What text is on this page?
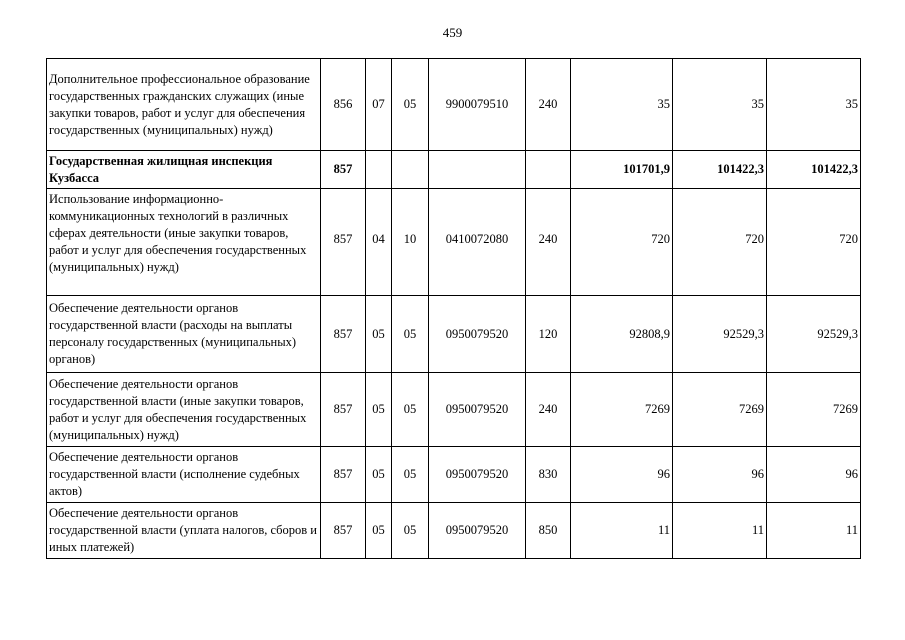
459
Дополнительное профессиональное образование государственных гражданских служащих (иные закупки товаров, работ и услуг для обеспечения государственных (муниципальных) нужд)	856	07	05	9900079510	240	35	35	35
Государственная жилищная инспекция Кузбасса	857					101701,9	101422,3	101422,3
Использование информационно-коммуникационных технологий в различных сферах деятельности (иные закупки товаров, работ и услуг для обеспечения государственных (муниципальных) нужд)	857	04	10	0410072080	240	720	720	720
Обеспечение деятельности органов государственной власти (расходы на выплаты персоналу государственных (муниципальных) органов)	857	05	05	0950079520	120	92808,9	92529,3	92529,3
Обеспечение деятельности органов государственной власти (иные закупки товаров, работ и услуг для обеспечения государственных (муниципальных) нужд)	857	05	05	0950079520	240	7269	7269	7269
Обеспечение деятельности органов государственной власти (исполнение судебных актов)	857	05	05	0950079520	830	96	96	96
Обеспечение деятельности органов государственной власти (уплата налогов, сборов и иных платежей)	857	05	05	0950079520	850	11	11	11
